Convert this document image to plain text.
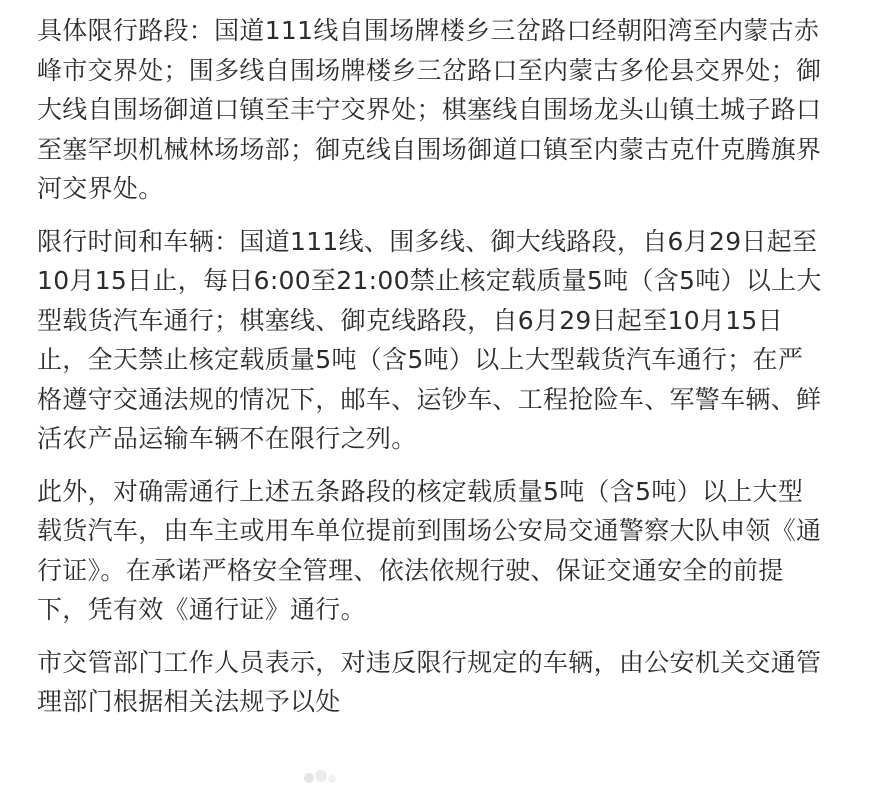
具体限行路段：国道111线自围场牌楼乡三岔路口经朝阳湾至内蒙古赤
峰市交界处；围多线自围场牌楼乡三岔路口至内蒙古多伦县交界处；御
大线自围场御道口镇至丰宁交界处；棋塞线自围场龙头山镇土城子路口
至塞罕坝机械林场场部；御克线自围场御道口镇至内蒙古克什克腾旗界
河交界处。

限行时间和车辆：国道111线、围多线、御大线路段，自6月29日起至
10月15日止，每日6:00至21:00禁止核定载质量5吨（含5吨）以上大
型载货汽车通行；棋塞线、御克线路段，自6月29日起至10月15日
止，全天禁止核定载质量5吨（含5吨）以上大型载货汽车通行；在严
格遵守交通法规的情况下，邮车、运钞车、工程抢险车、军警车辆、鲜
活农产品运输车辆不在限行之列。

此外，对确需通行上述五条路段的核定载质量5吨（含5吨）以上大型
载货汽车，由车主或用车单位提前到围场公安局交通警察大队申领《通
行证》。在承诺严格安全管理、依法依规行驶、保证交通安全的前提
下，凭有效《通行证》通行。

市交管部门工作人员表示，对违反限行规定的车辆，由公安机关交通管
理部门根据相关法规予以处
